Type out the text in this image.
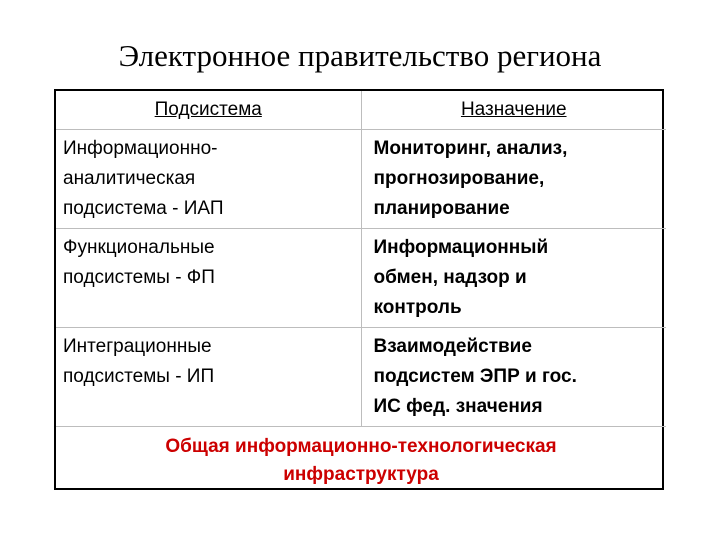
Электронное правительство региона
Подсистема	Назначение

Информационно-
аналитическая
подсистема - ИАП	Мониторинг, анализ,
прогнозирование,
планирование

Функциональные
подсистемы - ФП	Информационный
обмен, надзор и
контроль

Интеграционные
подсистемы - ИП	Взаимодействие
подсистем ЭПР и гос.
ИС фед. значения

Общая информационно-технологическая
инфраструктура	
